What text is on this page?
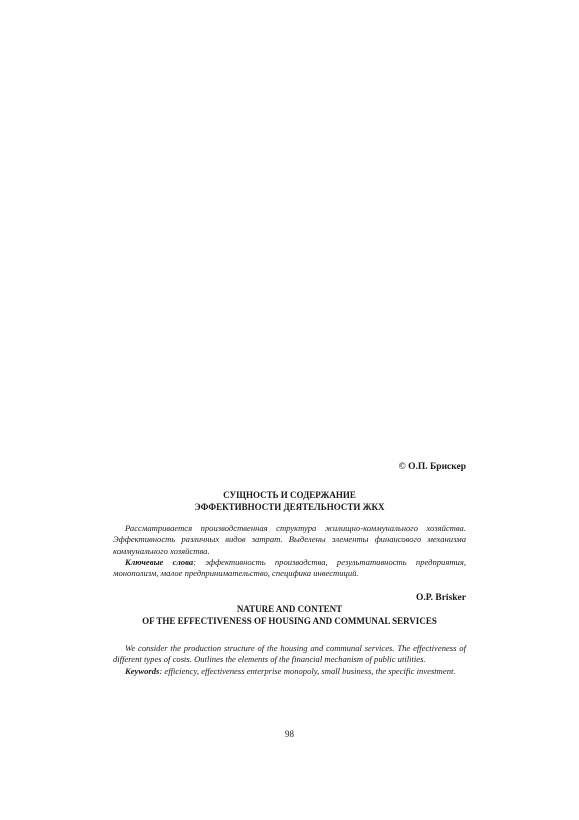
© О.П. Брискер
СУЩНОСТЬ И СОДЕРЖАНИЕ
ЭФФЕКТИВНОСТИ ДЕЯТЕЛЬНОСТИ ЖКХ

Рассматривается производственная структура жилищно-коммунального хозяйства. Эффективность различных видов затрат. Выделены элементы финансового механизма коммунального хозяйства.

Ключевые слова: эффективность производства, результативность предприятия, монополизм, малое предпринимательство, специфика инвестиций.

O.P. Brisker
NATURE AND CONTENT
OF THE EFFECTIVENESS OF HOUSING AND COMMUNAL SERVICES

We consider the production structure of the housing and communal services. The effectiveness of different types of costs. Outlines the elements of the financial mechanism of public utilities.

Keywords: efficiency, effectiveness enterprise monopoly, small business, the specific investment.

98
